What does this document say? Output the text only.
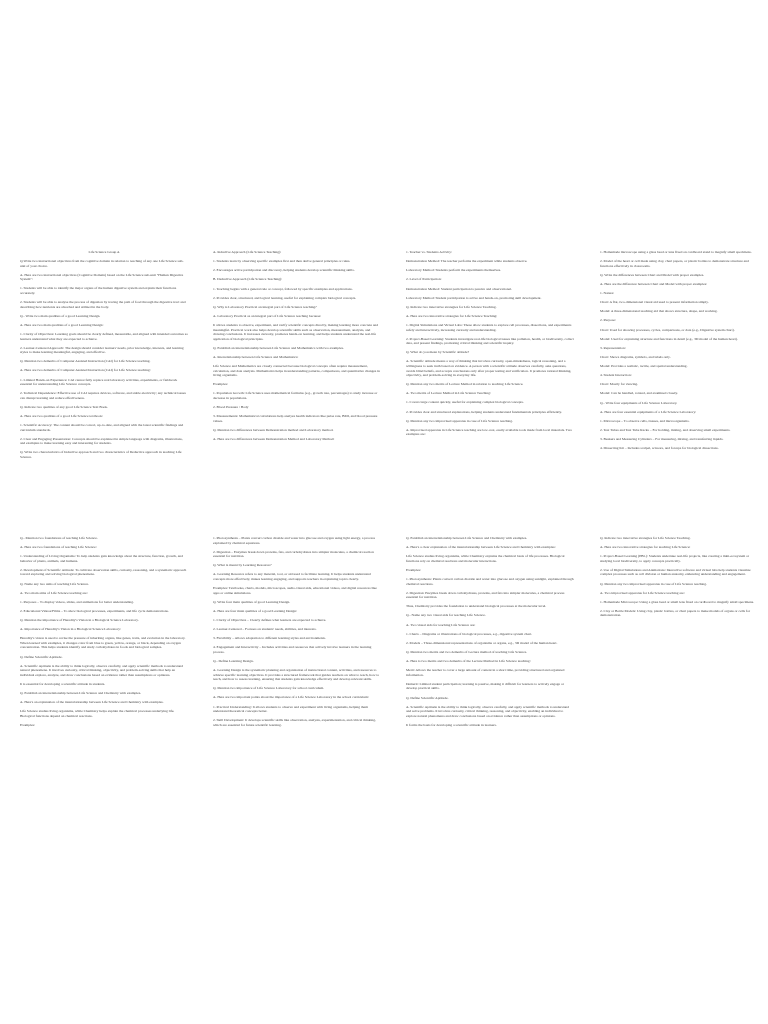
Life Science Group A

Q.Write two instructional objectives from the cognitive domain in relation to teaching of any one Life Science sub-unit of your choice.

A. Here are two instructional objectives (Cognitive Domain) based on the Life Science sub-unit "Human Digestive System":

1. Students will be able to identify the major organs of the human digestive system and explain their functions accurately.

2. Students will be able to analyse the process of digestion by tracing the path of food through the digestive tract and describing how nutrients are absorbed and utilized in the body.

Q.- Write two main qualities of a good Learning Design.

A. Here are two main qualities of a good Learning Design:

1. Clarity of Objectives: Learning goals should be clearly defined, measurable, and aligned with intended outcomes so learners understand what they are expected to achieve.

2. Learner-Centered Approach: The design should consider learners' needs, prior knowledge, interests, and learning styles to make learning meaningful, engaging, and effective.

Q. Mention two demerits of Computer Assisted Instruction (CAI) for Life Science teaching.

A. Here are two demerits of Computer Assisted Instruction (CAI) for Life Science teaching:

1. Limited Hands-on Experience: CAI cannot fully replace real laboratory activities, experiments, or fieldwork essential for understanding Life Science concepts.

2. Technical Dependence: Effective use of CAI requires devices, software, and stable electricity; any technical issues can disrupt learning and reduce effectiveness.

Q. Indicate two qualities of any good Life Science Text Book.

A. Here are two qualities of a good Life Science textbook:

1. Scientific Accuracy: The content should be correct, up-to-date, and aligned with the latest scientific findings and curriculum standards.

2. Clear and Engaging Presentation: Concepts should be explained in simple language with diagrams, illustrations, and examples to make learning easy and interesting for students.

Q. Write two characteristics of Inductive approach and two characteristics of Deductive approach in teaching Life Science.

A. Inductive Approach (Life Science Teaching):

1. Students learn by observing specific examples first and then derive general principles or rules.

2. Encourages active participation and discovery, helping students develop scientific thinking skills.

B. Deductive Approach (Life Science Teaching):

1. Teaching begins with a general rule or concept, followed by specific examples and applications.

2. Provides clear, structured, and logical learning, useful for explaining complex biological concepts.

Q. Why is Laboratory Practical an integral part of Life Science teaching?

A. Laboratory Practical as an integral part of Life Science teaching because:

It allows students to observe, experiment, and verify scientific concepts directly, making learning more concrete and meaningful. Practical work also helps develop scientific skills such as observation, measurement, analysis, and drawing conclusions. It increases curiosity, promotes hands-on learning, and helps students understand the real-life application of biological principles.

Q. Establish an interrelationship between Life Science and Mathematics with two examples.

A. Interrelationship between Life Science and Mathematics:

Life Science and Mathematics are closely connected because biological concepts often require measurement, calculation, and data analysis. Mathematics helps in understanding patterns, comparisons, and quantitative changes in living organisms.

Examples:

1. Population Growth: Life Science uses mathematical formulas (e.g., growth rate, percentages) to study increase or decrease in populations.

2. Blood Pressure / Body

3. Measurements: Mathematical calculations help analyze health indicators like pulse rate, BMI, and blood pressure values.

Q. Mention two differences between Demonstration method and Laboratory method.

A. Here are two differences between Demonstration Method and Laboratory Method:

1. Teacher vs. Students Activity:

Demonstration Method: The teacher performs the experiment while students observe.

Laboratory Method: Students perform the experiments themselves.

2. Level of Participation:

Demonstration Method: Student participation is passive and observational.

Laboratory Method: Student participation is active and hands-on, promoting skill development.

Q. Indicate two innovative strategies for Life Science Teaching.

A. Here are two innovative strategies for Life Science Teaching:

1. Digital Simulations and Virtual Labs: These allow students to explore cell processes, dissections, and experiments safely and interactively, increasing curiosity and understanding.

2. Project-Based Learning: Students investigate real-life biological issues like pollution, health, or biodiversity, collect data, and present findings, promoting critical thinking and scientific inquiry.

Q. What do you mean by Scientific attitude?

A. Scientific attitude means a way of thinking that involves curiosity, open-mindedness, logical reasoning, and a willingness to seek truth based on evidence. A person with a scientific attitude observes carefully, asks questions, avoids blind beliefs, and accepts conclusions only after proper testing and verification. It promotes rational thinking, objectivity, and problem-solving in everyday life.

Q. Mention any two merits of Lecture Method in relation to teaching Life Science.

A. Two merits of Lecture Method in Life Science Teaching:

1. Covers large content quickly, useful for explaining complex biological concepts.

2. Provides clear and structured explanations, helping students understand fundamentals principles efficiently.

Q. Mention any two improvised apparatus in case of Life Science teaching.

A. Improvised apparatus in Life Science teaching are low-cost, easily available tools made from local materials. Two examples are:

1. Homemade microscope using a glass bead or lens fixed on cardboard stand to magnify small specimens.

2. Model of the heart or cell made using clay, chart papers, or plastic bottles to demonstrate structure and functions effectively in classrooms.

Q. Write the differences between Chart and Model with proper examples.

A. Here are the difference between Chart and Model with proper examples:

1. Nature:

Chart: A flat, two-dimensional visual aid used to present information simply.

Model: A three-dimensional teaching aid that shows structure, shape, and working.

2. Purpose:

Chart: Used for showing processes, cycles, comparisons, or data (e.g., Digestive system chart).

Model: Used for explaining structure and functions in detail (e.g., 3D model of the human heart).

3. Representation:

Chart: Shows diagrams, symbols, and labels only.

Model: Provides a realistic, tactile, and spatial understanding.

4. Student Interaction:

Chart: Mostly for viewing.

Model: Can be handled, rotated, and examined closely.

Q.- Write four equipments of Life Science Laboratory.

A. Here are four essential equipments of a Life Science Laboratory:

1. Microscope – To observe cells, tissues, and microorganisms.

2. Test Tubes and Test Tube Racks – For holding, mixing, and observing small experiments.

3. Beakers and Measuring Cylinders – For measuring, mixing, and transferring liquids.

4. Dissecting Kit – Includes scalpel, scissors, and forceps for biological dissections.

Q.- Mention two foundations of teaching Life Science.

A. Here are two foundations of teaching Life Science:

1. Understanding of Living Organisms: To help students gain knowledge about the structure, function, growth, and behavior of plants, animals, and humans.

2. Development of Scientific Attitude: To cultivate observation skills, curiosity, reasoning, and a systematic approach toward exploring and solving biological phenomena.

Q. Name any two aims of teaching Life Science.

A. Two main aims of Life Science teaching are:

1. Purposes – To display videos, slides, and animations for better understanding.

2. Educational Videos/Films – To show biological processes, experiments, and life cycle demonstrations.

Q. Mention the importance of Heredity's Vision in a Biological Science Laboratory.

A. Importance of Heredity's Vision in a Biological Science Laboratory:

Heredity's vision is used to revise the pressure of inheriting organs, like genes, traits, and evolution in the laboratory. When learned with examples, it changes color from blue to green, yellow, orange, or black, depending on oxygen concentration. This helps students identify and study carbohydrates in foods and biological samples.

Q. Define Scientific Aptitude.

A. Scientific Aptitude is the ability to think logically, observe carefully, and apply scientific methods to understand natural phenomena. It involves curiosity, critical thinking, objectivity, and problem-solving skills that help an individual explore, analyze, and draw conclusions based on evidence rather than assumptions or opinions.

It is essential for developing a scientific attitude in students.

Q. Establish an interrelationship between Life Science and Chemistry with examples.

A. Here's an explanation of the interrelationship between Life Science and Chemistry with examples.

Life Science studies living organisms, while Chemistry helps explain the chemical processes underlying life. Biological functions depend on chemical reactions.

Examples:

1. Photosynthesis – Plants convert carbon dioxide and water into glucose and oxygen using light energy, a process explained by chemical equations.

2. Digestion – Enzymes break down proteins, fats, and carbohydrates into simpler molecules, a chemical reaction essential for nutrition.

Q. What is meant by Learning Resource?

A. Learning Resource refers to any material, tool, or aid used to facilitate learning. It helps students understand concepts more effectively, makes learning engaging, and supports teachers in explaining topics clearly.

Examples: Textbooks, charts, models, microscopes, audio-visual aids, educational videos, and digital resources like apps or online simulations.

Q. Write four main qualities of good Learning Design.

A. Here are four main qualities of a good Learning Design:

1. Clarity of Objectives – Clearly defines what learners are expected to achieve.

2. Learner-Centered – Focuses on students' needs, abilities, and interests.

3. Flexibility – Allows adaptation to different learning styles and environments.

4. Engagement and Interactivity – Includes activities and resources that actively involve learners in the learning process.

Q.- Define Learning Design.

A. Learning Design is the systematic planning and organization of instructional content, activities, and resources to achieve specific learning objectives. It provides a structured framework that guides teachers on what to teach, how to teach, and how to assess learning, ensuring that students gain knowledge effectively and develop relevant skills.

Q. Mention two importance of Life Science Laboratory for school curriculum.

A. Here are two important points about the importance of a Life Science Laboratory in the school curriculum:

1. Practical Understanding: It allows students to observe and experiment with living organisms, helping them understand theoretical concepts better.

2. Skill Development: It develops scientific skills like observation, analysis, experimentation, and critical thinking, which are essential for future scientific learning.

Q. Establish an interrelationship between Life Science and Chemistry with examples.

A. Here's a clear explanation of the interrelationship between Life Science and Chemistry with examples:

Life Science studies living organisms, while Chemistry explains the chemical basis of life processes. Biological functions rely on chemical reactions and molecular interactions.

Examples:

1. Photosynthesis: Plants convert carbon dioxide and water into glucose and oxygen using sunlight, explained through chemical reactions.

2. Digestion: Enzymes break down carbohydrates, proteins, and fats into simpler molecules, a chemical process essential for nutrition.

Thus, Chemistry provides the foundation to understand biological processes at the molecular level.

Q.- Name any two visual aids for teaching Life Science.

A. Two visual aids for teaching Life Science are:

1. Charts – Diagrams or illustrations of biological processes, e.g., digestive system chart.

2. Models – Three-dimensional representations of organisms or organs, e.g., 3D model of the human heart.

Q. Mention two merits and two demerits of Lecture method of teaching Life Science.

A. Here is two merits and two demerits of the Lecture Method in Life Science teaching:

Merit: Allows the teacher to cover a large amount of content in a short time, providing structured and organized information.

Demerit: Limited student participation; learning is passive, making it difficult for learners to actively engage or develop practical skills.

Q. Define Scientific Aptitude.

A. Scientific Aptitude is the ability to think logically, observe carefully, and apply scientific methods to understand and solve problems. It involves curiosity, critical thinking, reasoning, and objectivity, enabling an individual to explore natural phenomena and draw conclusions based on evidence rather than assumptions or opinions.

It forms the basis for developing a scientific attitude in learners.

Q. Indicate two innovative strategies for Life Science Teaching.

A. Here are two innovative strategies for teaching Life Science:

1. Project-Based Learning (PBL): Students undertake real-life projects, like creating a mini-ecosystem or studying local biodiversity, to apply concepts practically.

2. Use of Digital Simulations and Animations: Interactive software and virtual labs help students visualize complex processes such as cell division or human anatomy, enhancing understanding and engagement.

Q. Mention any two improvised apparatus in case of Life Science teaching.

A. Two improvised apparatus for Life Science teaching are:

1. Homemade Microscope: Using a glass bead or small lens fixed on cardboard to magnify small specimens.

2. Clay or Bottle Models: Using clay, plastic bottles, or chart papers to make models of organs or cells for demonstration.
